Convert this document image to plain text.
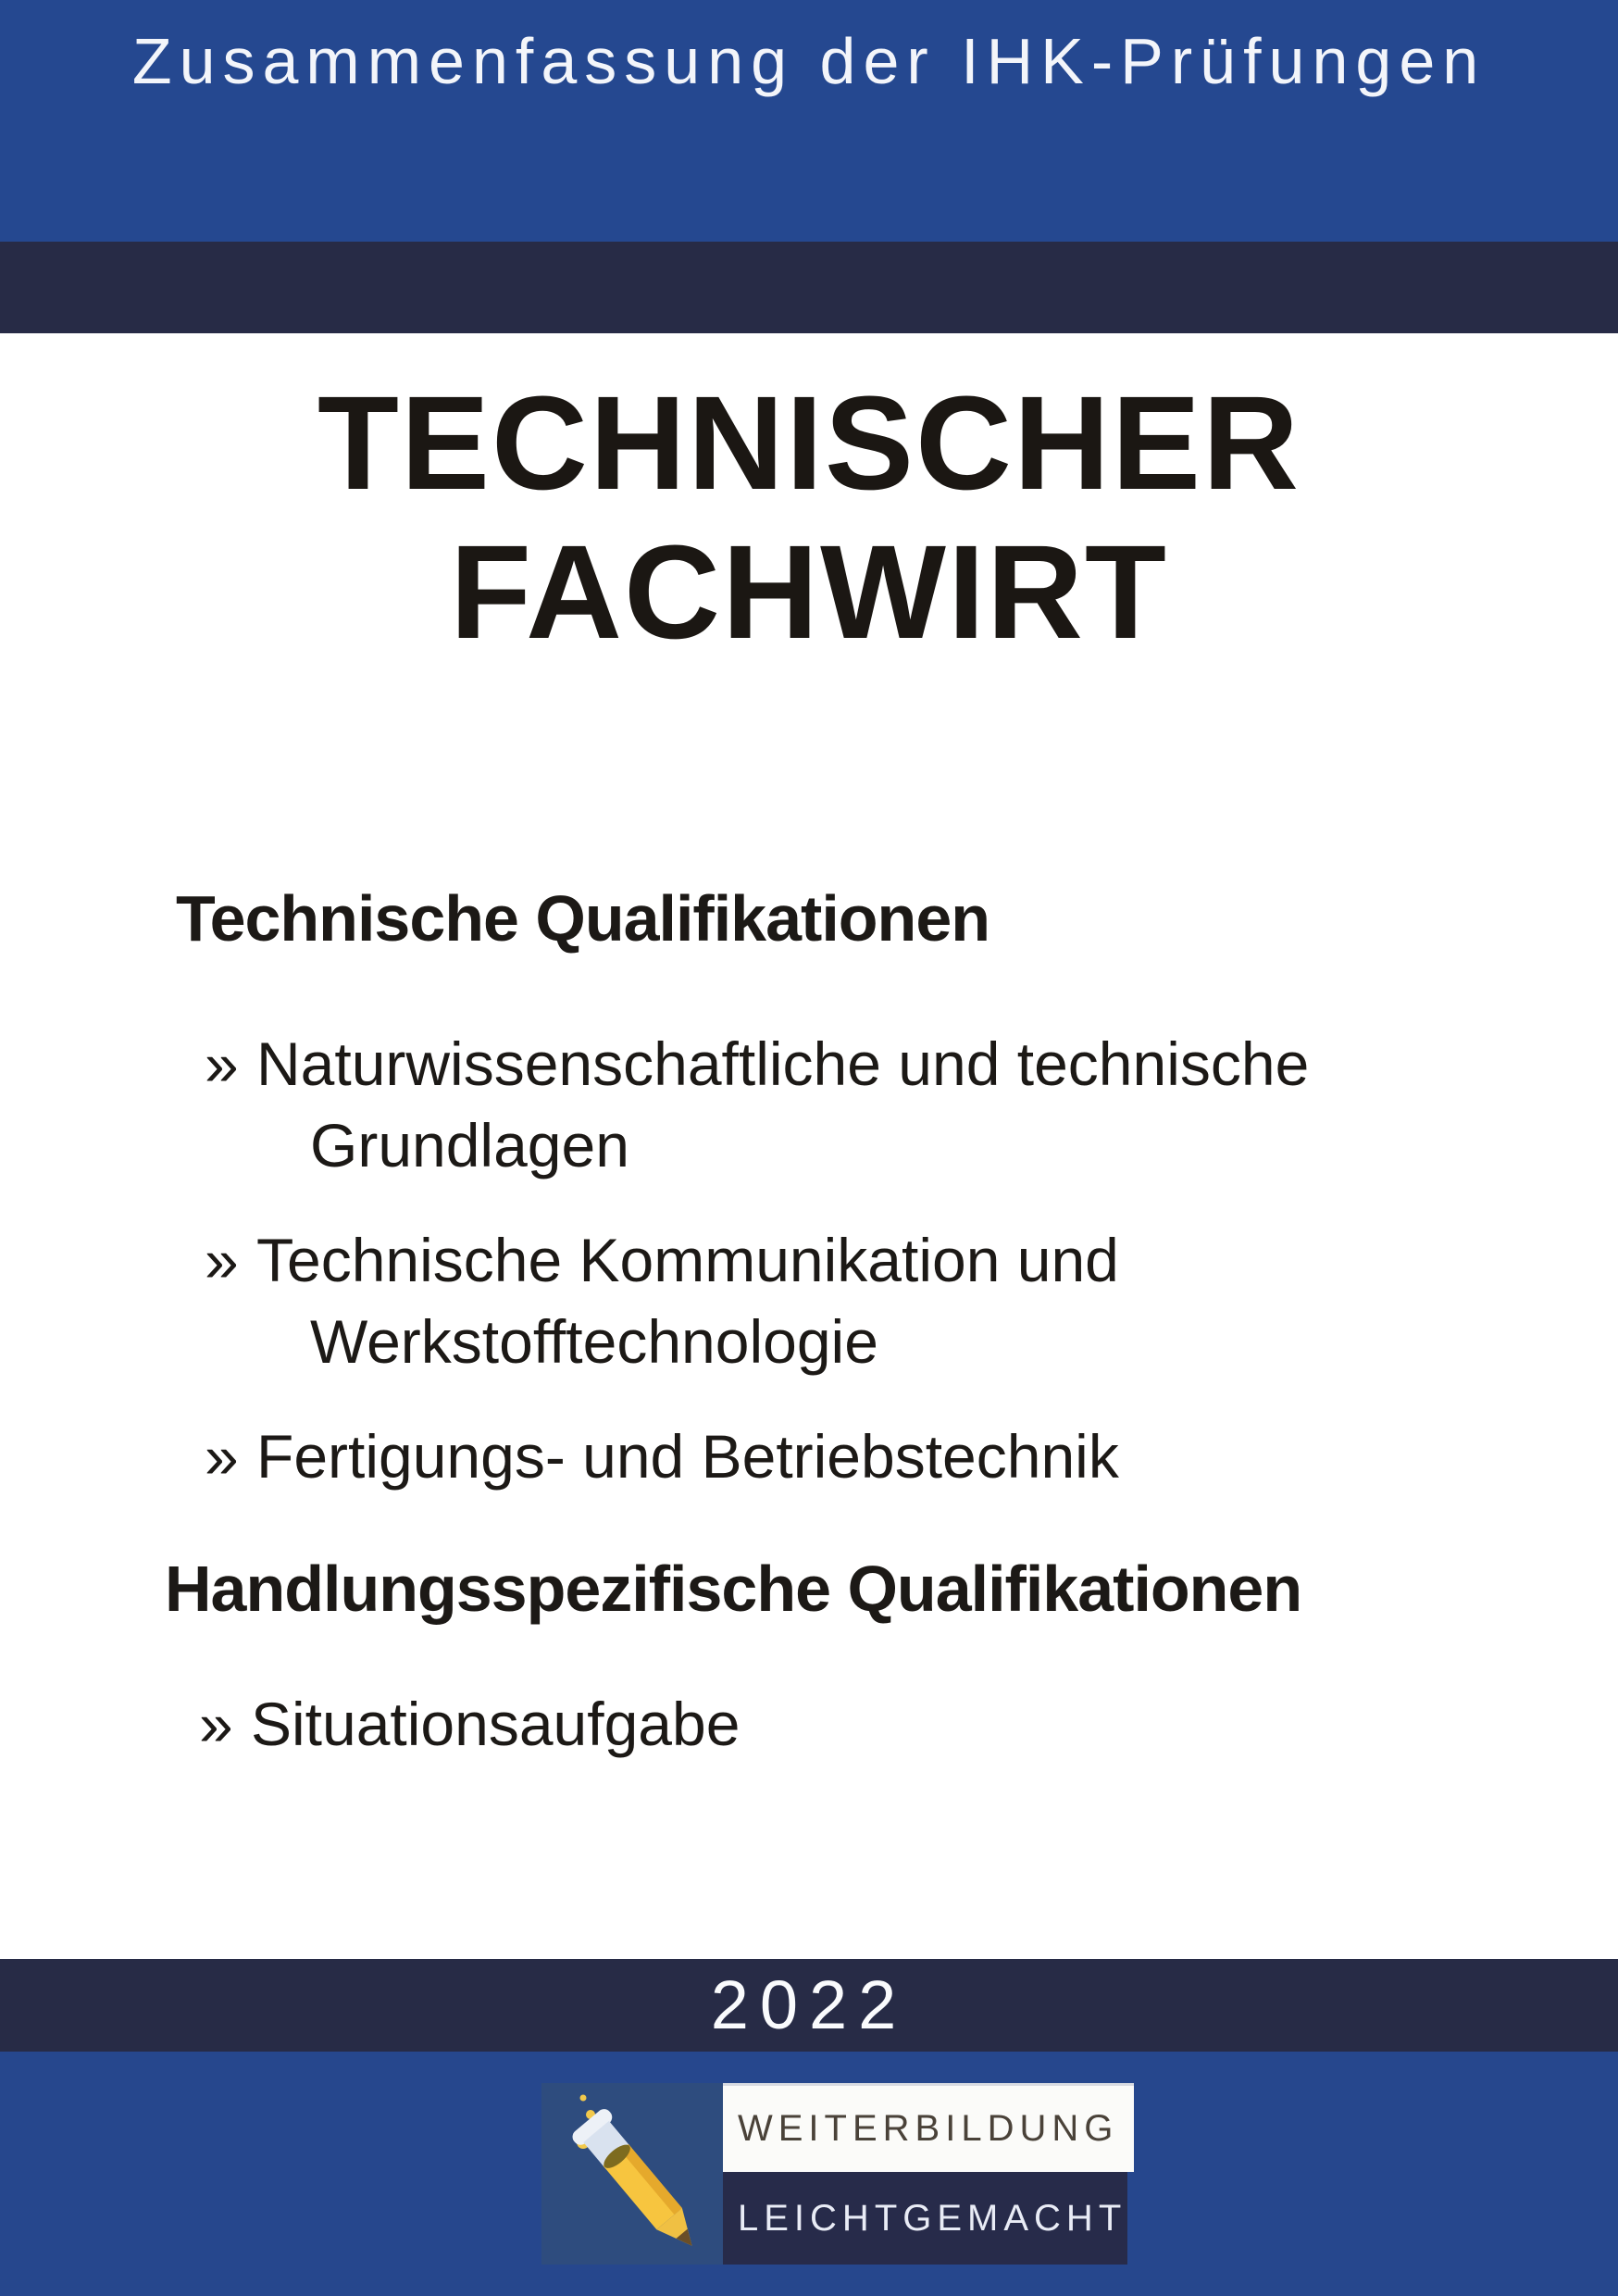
Zusammenfassung der IHK-Prüfungen
TECHNISCHER
FACHWIRT
Technische Qualifikationen
» Naturwissenschaftliche und technische Grundlagen
» Technische Kommunikation und Werkstofftechnologie
» Fertigungs- und Betriebstechnik
Handlungsspezifische Qualifikationen
» Situationsaufgabe
2022
WEITERBILDUNG
LEICHTGEMACHT
